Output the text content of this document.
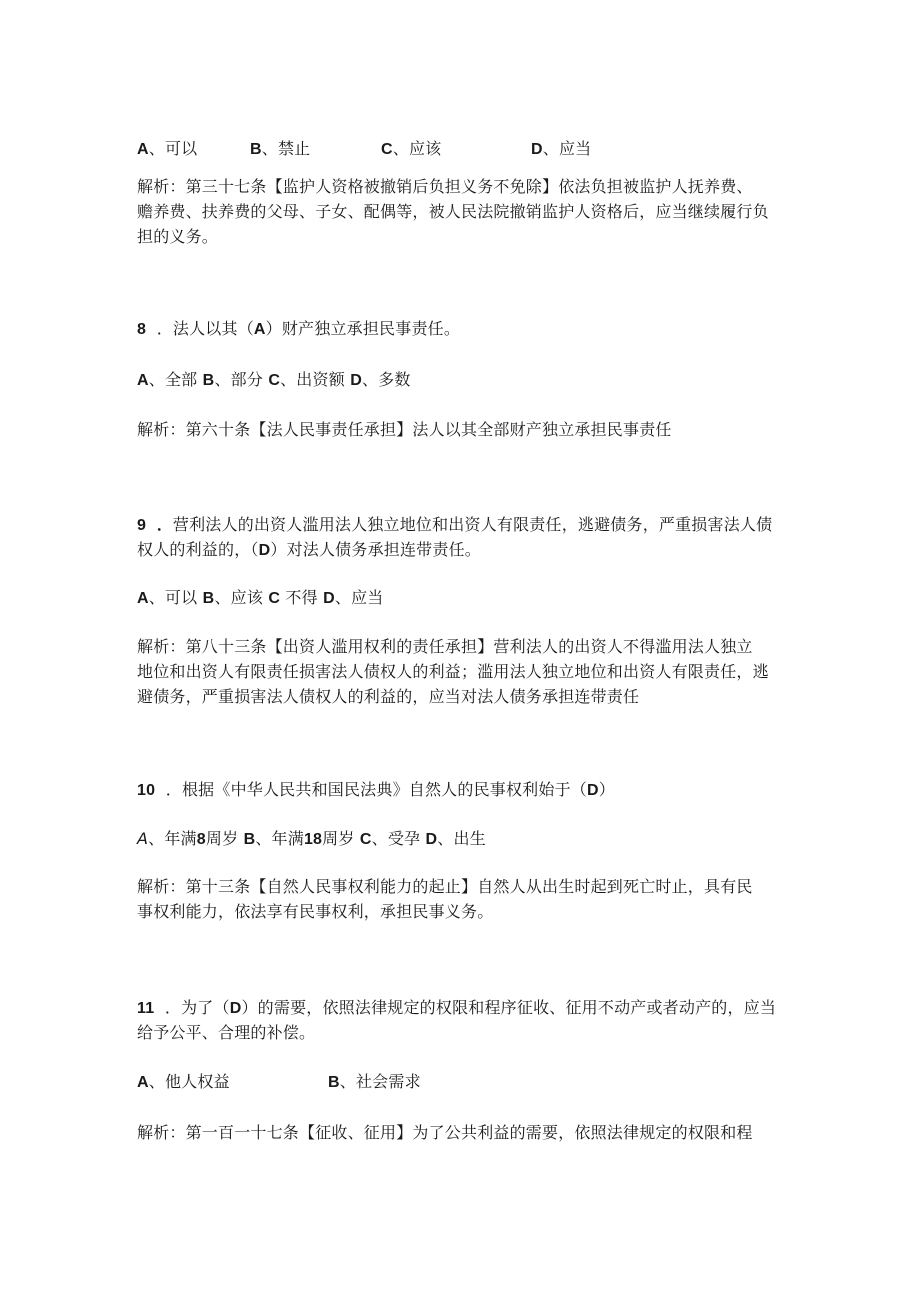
A、可以	B、禁止	C、应该	D、应当
解析：第三十七条【监护人资格被撤销后负担义务不免除】依法负担被监护人抚养费、
赡养费、扶养费的父母、子女、配偶等，被人民法院撤销监护人资格后，应当继续履行负
担的义务。
8 ．法人以其（A）财产独立承担民事责任。
A、全部 B、部分 C、出资额 D、多数
解析：第六十条【法人民事责任承担】法人以其全部财产独立承担民事责任
9 ．营利法人的出资人滥用法人独立地位和出资人有限责任，逃避债务，严重损害法人债
权人的利益的，（D）对法人债务承担连带责任。
A、可以 B、应该 C 不得 D、应当
解析：第八十三条【出资人滥用权利的责任承担】营利法人的出资人不得滥用法人独立
地位和出资人有限责任损害法人债权人的利益；滥用法人独立地位和出资人有限责任，逃
避债务，严重损害法人债权人的利益的，应当对法人债务承担连带责任
10 ．根据《中华人民共和国民法典》自然人的民事权利始于（D）
A、年满8周岁 B、年满18周岁 C、受孕 D、出生
解析：第十三条【自然人民事权利能力的起止】自然人从出生时起到死亡时止，具有民
事权利能力，依法享有民事权利，承担民事义务。
11 ．为了（D）的需要，依照法律规定的权限和程序征收、征用不动产或者动产的，应当
给予公平、合理的补偿。
A、他人权益	B、社会需求
解析：第一百一十七条【征收、征用】为了公共利益的需要，依照法律规定的权限和程
